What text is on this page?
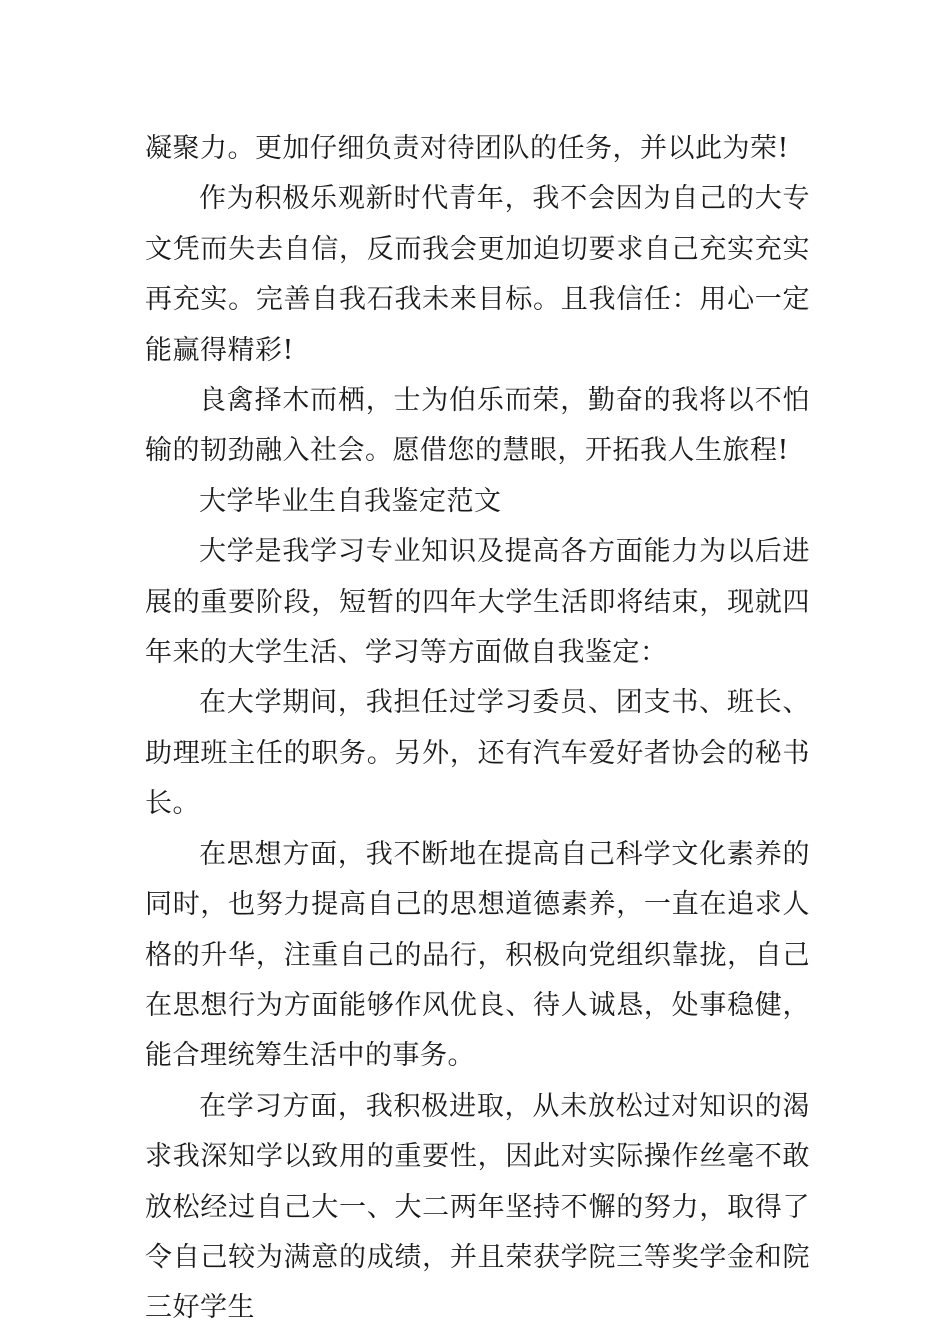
凝聚力。更加仔细负责对待团队的任务，并以此为荣!

作为积极乐观新时代青年，我不会因为自己的大专文凭而失去自信，反而我会更加迫切要求自己充实充实再充实。完善自我石我未来目标。且我信任：用心一定能赢得精彩!

良禽择木而栖，士为伯乐而荣，勤奋的我将以不怕输的韧劲融入社会。愿借您的慧眼，开拓我人生旅程!

大学毕业生自我鉴定范文

大学是我学习专业知识及提高各方面能力为以后进展的重要阶段，短暂的四年大学生活即将结束，现就四年来的大学生活、学习等方面做自我鉴定：

在大学期间，我担任过学习委员、团支书、班长、助理班主任的职务。另外，还有汽车爱好者协会的秘书长。

在思想方面，我不断地在提高自己科学文化素养的同时，也努力提高自己的思想道德素养，一直在追求人格的升华，注重自己的品行，积极向党组织靠拢，自己在思想行为方面能够作风优良、待人诚恳，处事稳健，能合理统筹生活中的事务。

在学习方面，我积极进取，从未放松过对知识的渴求我深知学以致用的重要性，因此对实际操作丝毫不敢放松经过自己大一、大二两年坚持不懈的努力，取得了令自己较为满意的成绩，并且荣获学院三等奖学金和院三好学生
